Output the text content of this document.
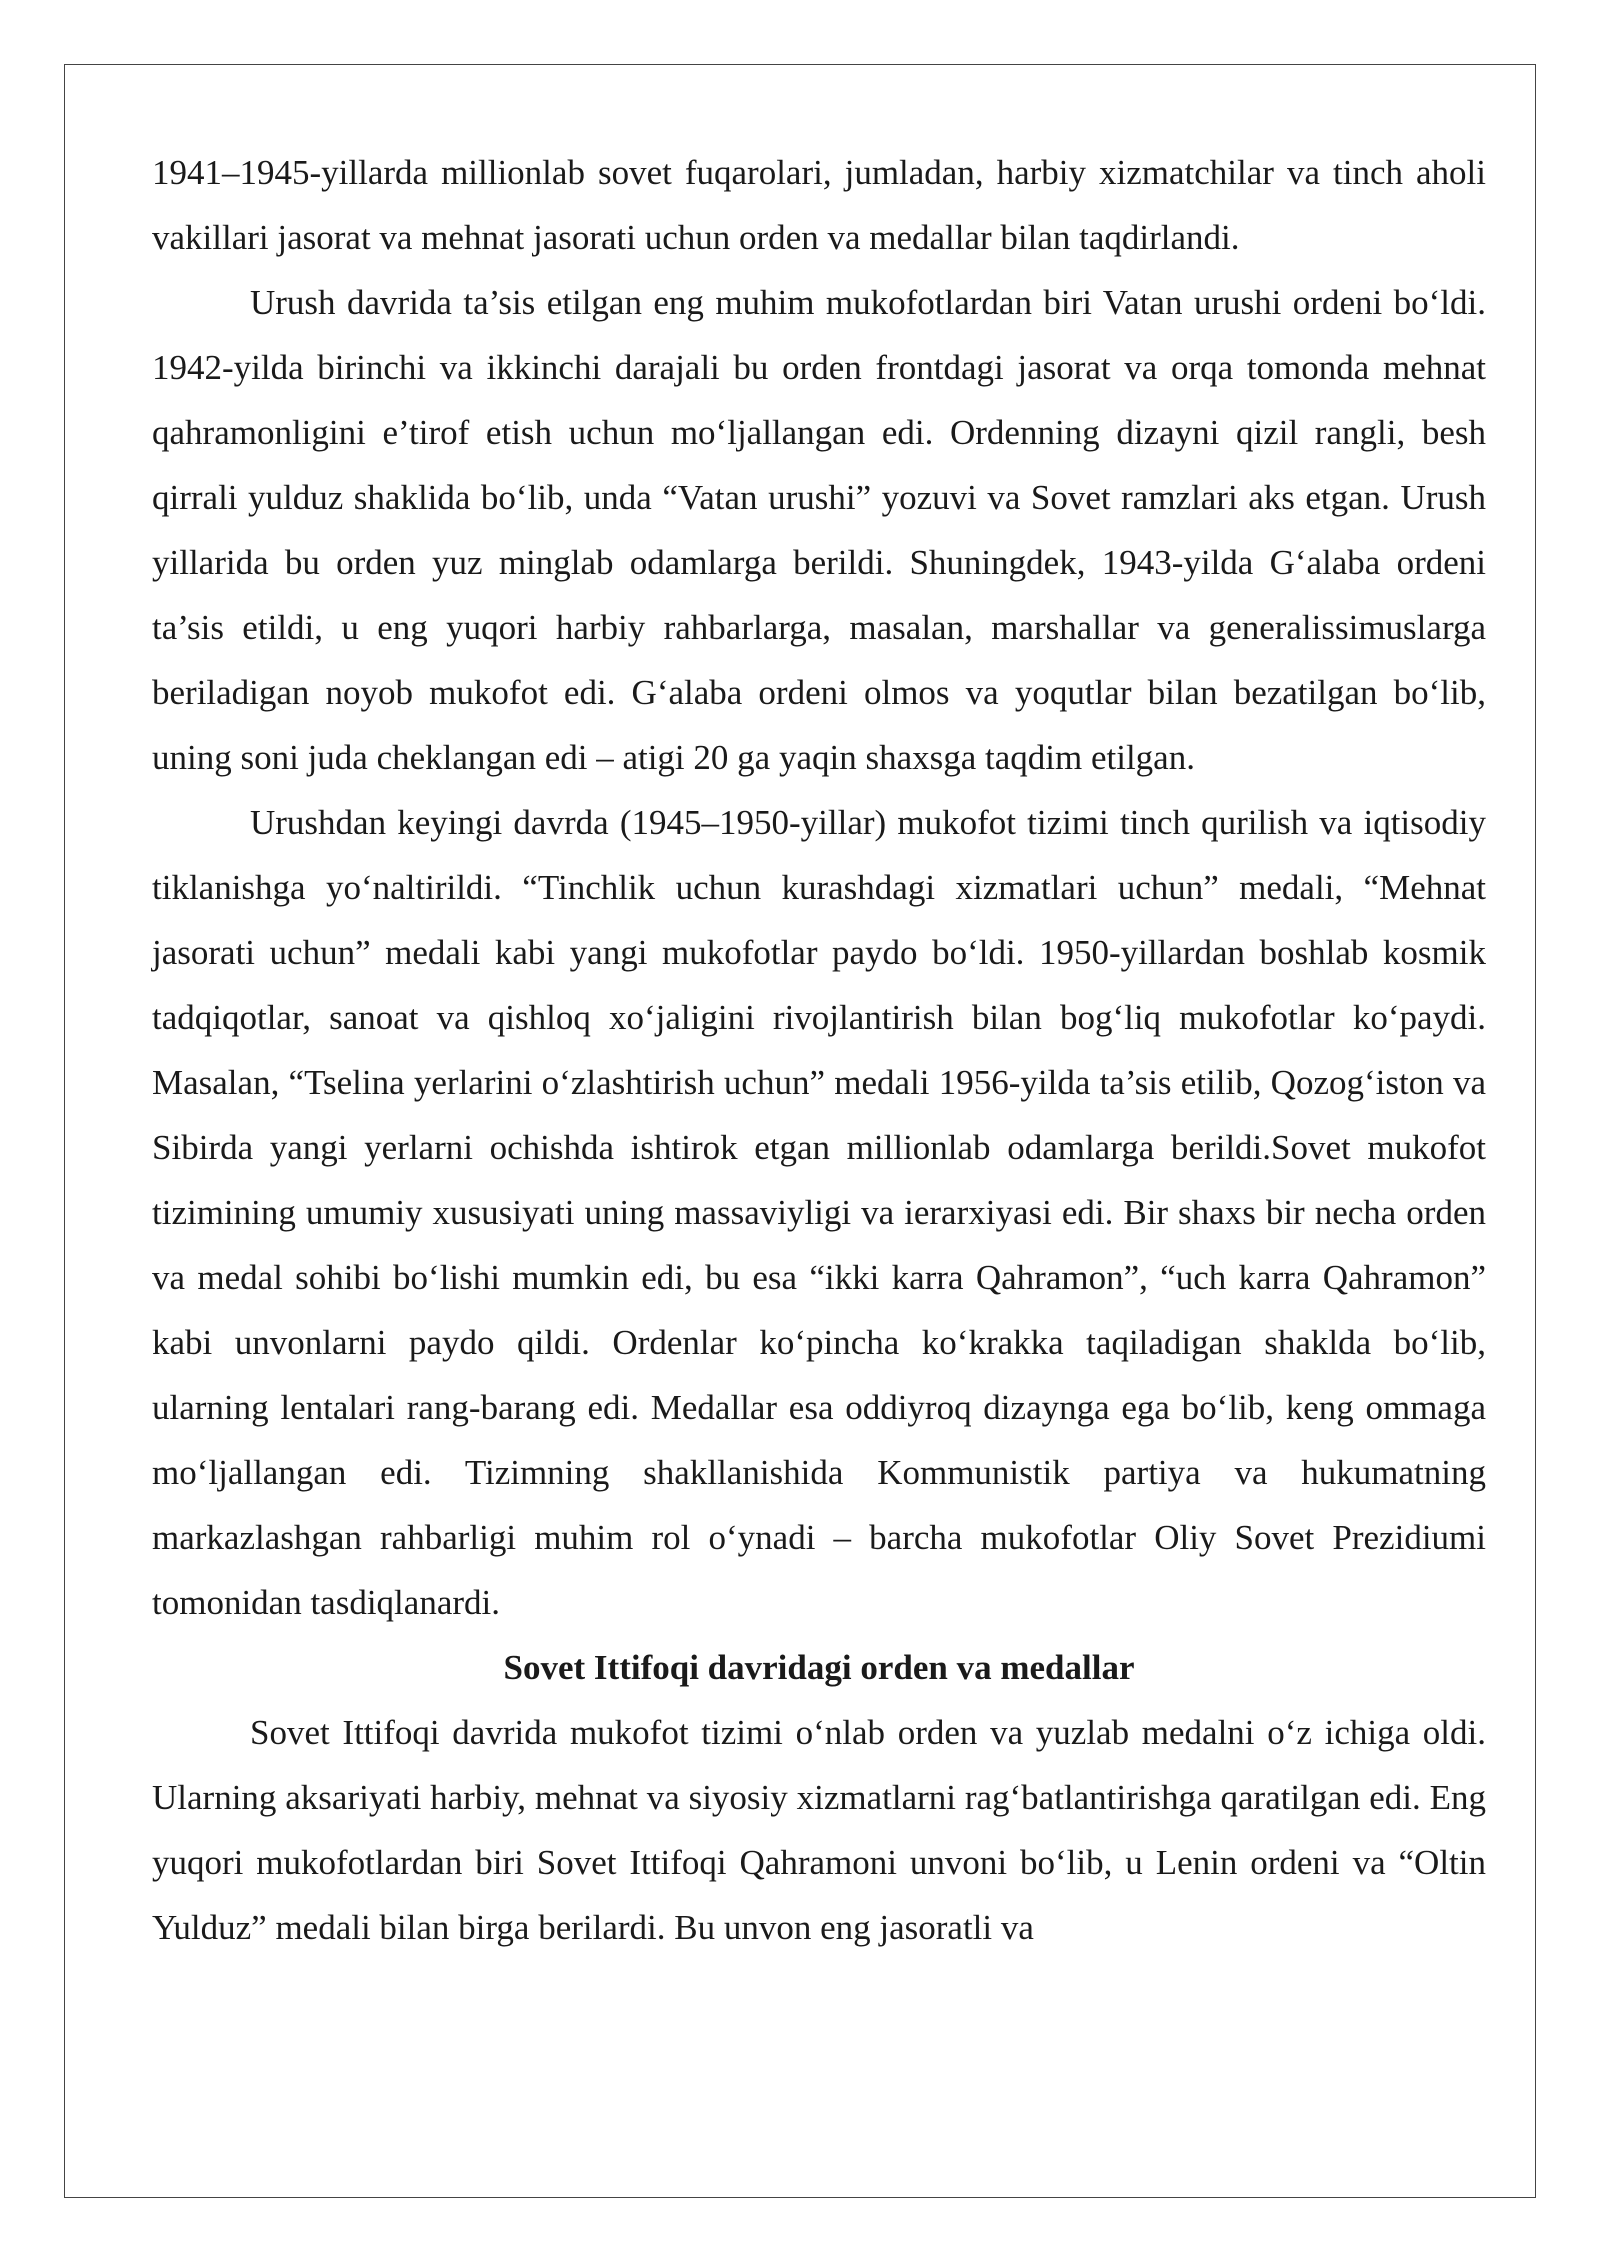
1941–1945-yillarda millionlab sovet fuqarolari, jumladan, harbiy xizmatchilar va tinch aholi vakillari jasorat va mehnat jasorati uchun orden va medallar bilan taqdirlandi.

Urush davrida ta’sis etilgan eng muhim mukofotlardan biri Vatan urushi ordeni bo‘ldi. 1942-yilda birinchi va ikkinchi darajali bu orden frontdagi jasorat va orqa tomonda mehnat qahramonligini e’tirof etish uchun mo‘ljallangan edi. Ordenning dizayni qizil rangli, besh qirrali yulduz shaklida bo‘lib, unda “Vatan urushi” yozuvi va Sovet ramzlari aks etgan. Urush yillarida bu orden yuz minglab odamlarga berildi. Shuningdek, 1943-yilda G‘alaba ordeni ta’sis etildi, u eng yuqori harbiy rahbarlarga, masalan, marshallar va generalissimuslarga beriladigan noyob mukofot edi. G‘alaba ordeni olmos va yoqutlar bilan bezatilgan bo‘lib, uning soni juda cheklangan edi – atigi 20 ga yaqin shaxsga taqdim etilgan.

Urushdan keyingi davrda (1945–1950-yillar) mukofot tizimi tinch qurilish va iqtisodiy tiklanishga yo‘naltirildi. “Tinchlik uchun kurashdagi xizmatlari uchun” medali, “Mehnat jasorati uchun” medali kabi yangi mukofotlar paydo bo‘ldi. 1950-yillardan boshlab kosmik tadqiqotlar, sanoat va qishloq xo‘jaligini rivojlantirish bilan bog‘liq mukofotlar ko‘paydi. Masalan, “Tselina yerlarini o‘zlashtirish uchun” medali 1956-yilda ta’sis etilib, Qozog‘iston va Sibirda yangi yerlarni ochishda ishtirok etgan millionlab odamlarga berildi.Sovet mukofot tizimining umumiy xususiyati uning massaviyligi va ierarxiyasi edi. Bir shaxs bir necha orden va medal sohibi bo‘lishi mumkin edi, bu esa “ikki karra Qahramon”, “uch karra Qahramon” kabi unvonlarni paydo qildi. Ordenlar ko‘pincha ko‘krakka taqiladigan shaklda bo‘lib, ularning lentalari rang-barang edi. Medallar esa oddiyroq dizaynga ega bo‘lib, keng ommaga mo‘ljallangan edi. Tizimning shakllanishida Kommunistik partiya va hukumatning markazlashgan rahbarligi muhim rol o‘ynadi – barcha mukofotlar Oliy Sovet Prezidiumi tomonidan tasdiqlanardi.

Sovet Ittifoqi davridagi orden va medallar

Sovet Ittifoqi davrida mukofot tizimi o‘nlab orden va yuzlab medalni o‘z ichiga oldi. Ularning aksariyati harbiy, mehnat va siyosiy xizmatlarni rag‘batlantirishga qaratilgan edi. Eng yuqori mukofotlardan biri Sovet Ittifoqi Qahramoni unvoni bo‘lib, u Lenin ordeni va “Oltin Yulduz” medali bilan birga berilardi. Bu unvon eng jasoratli va
